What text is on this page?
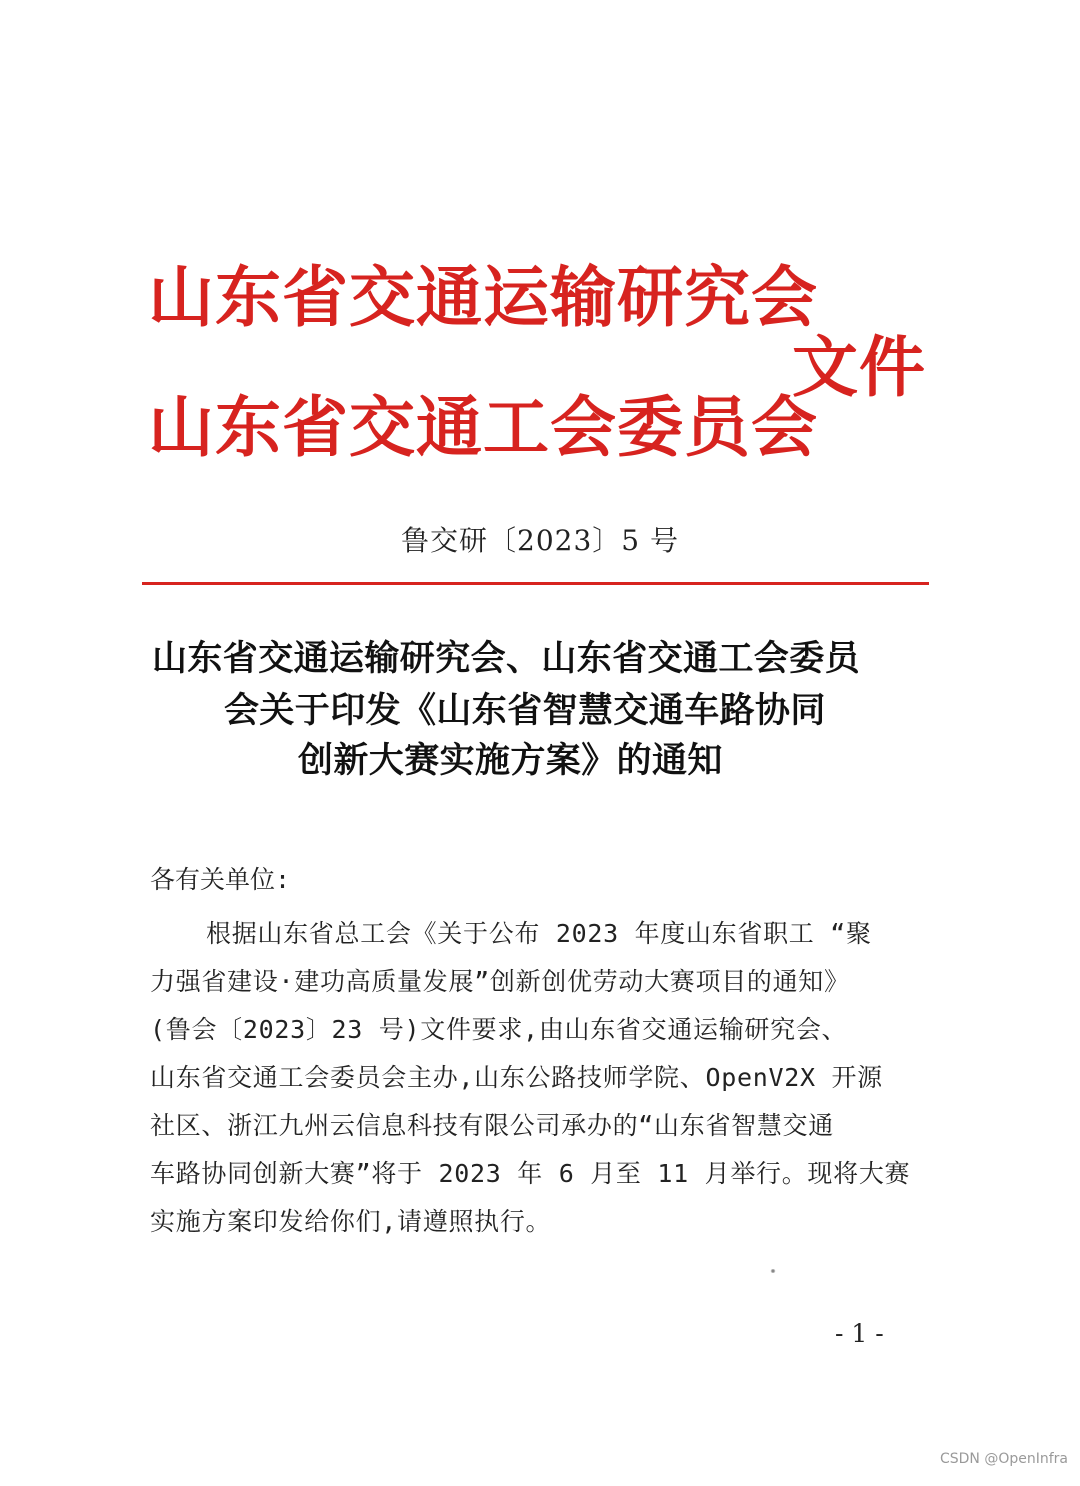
山东省交通运输研究会
文件
山东省交通工会委员会
鲁交研〔2023〕5 号
山东省交通运输研究会、山东省交通工会委员
会关于印发《山东省智慧交通车路协同
创新大赛实施方案》的通知
各有关单位:
根据山东省总工会《关于公布 2023 年度山东省职工 “聚
力强省建设·建功高质量发展”创新创优劳动大赛项目的通知》
(鲁会〔2023〕23 号)文件要求,由山东省交通运输研究会、
山东省交通工会委员会主办,山东公路技师学院、OpenV2X 开源
社区、浙江九州云信息科技有限公司承办的“山东省智慧交通
车路协同创新大赛”将于 2023 年 6 月至 11 月举行。现将大赛
实施方案印发给你们,请遵照执行。
- 1 -
CSDN @OpenInfra
